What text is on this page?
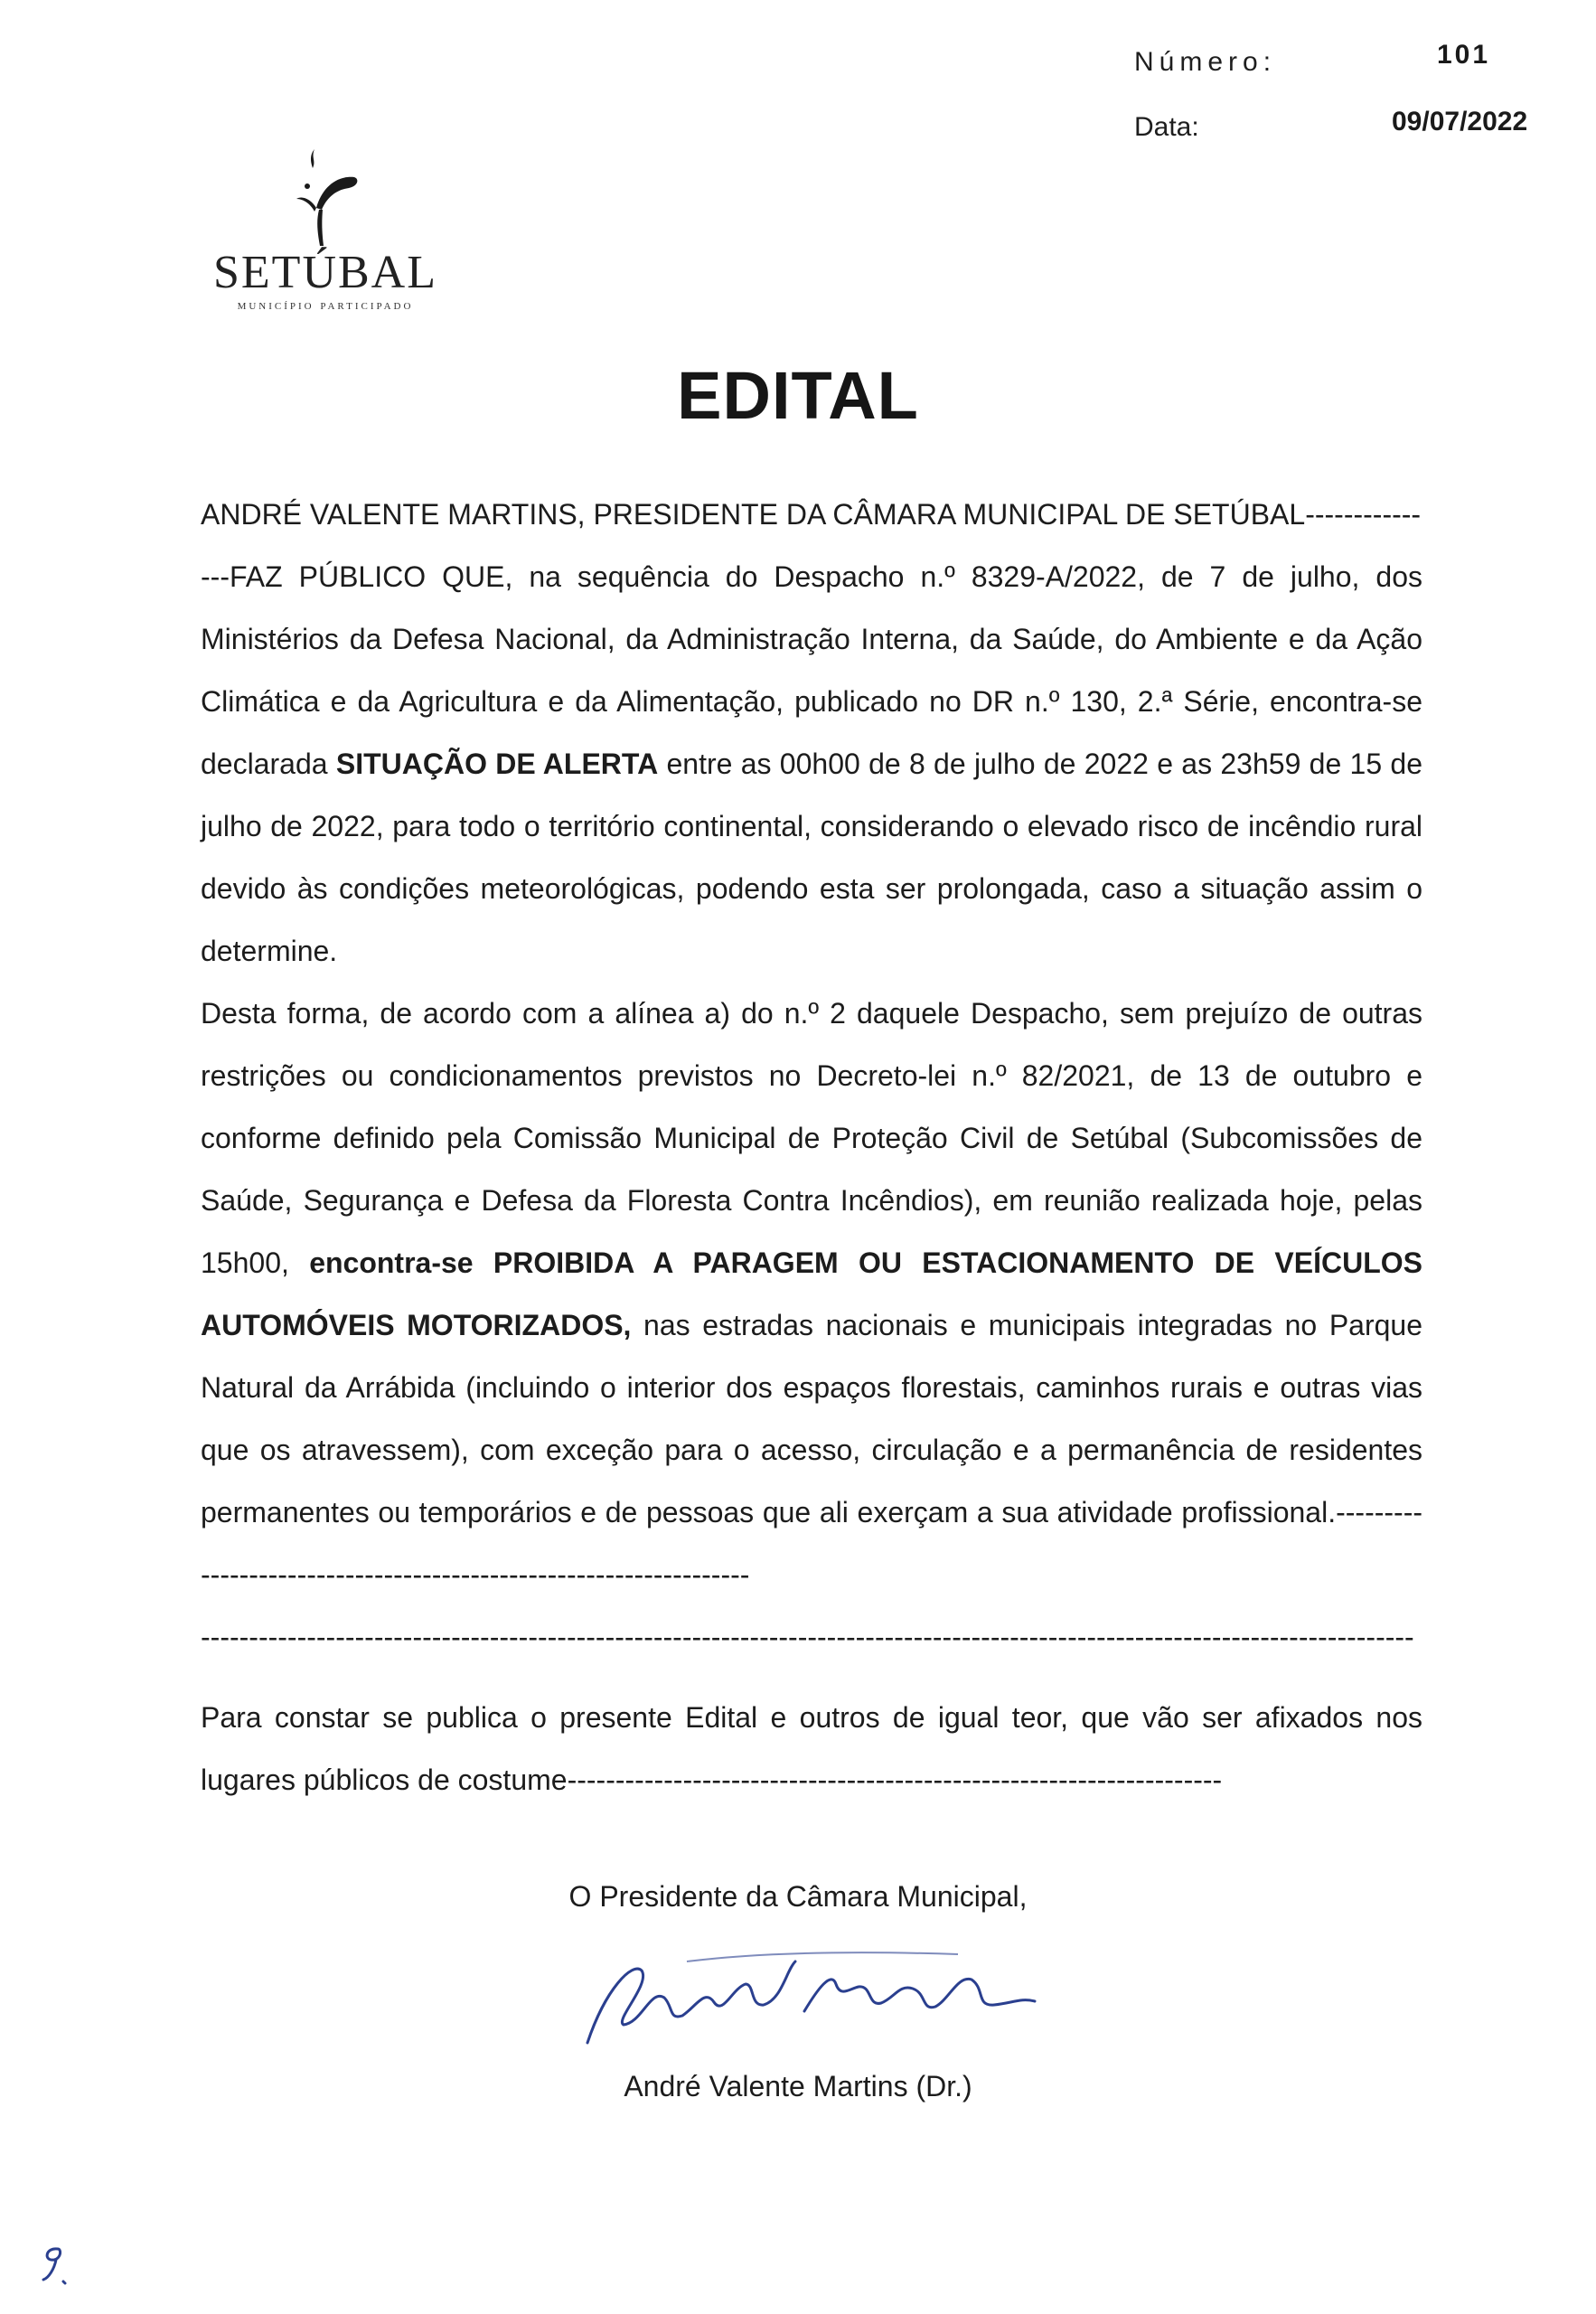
Número:	101
Data:	09/07/2022
SETÚBAL
município participado
EDITAL
ANDRÉ VALENTE MARTINS, PRESIDENTE DA CÂMARA MUNICIPAL DE SETÚBAL------------

---FAZ PÚBLICO QUE, na sequência do Despacho n.º 8329-A/2022, de 7 de julho, dos Ministérios da Defesa Nacional, da Administração Interna, da Saúde, do Ambiente e da Ação Climática e da Agricultura e da Alimentação, publicado no DR n.º 130, 2.ª Série, encontra-se declarada SITUAÇÃO DE ALERTA entre as 00h00 de 8 de julho de 2022 e as 23h59 de 15 de julho de 2022, para todo o território continental, considerando o elevado risco de incêndio rural devido às condições meteorológicas, podendo esta ser prolongada, caso a situação assim o determine.

Desta forma, de acordo com a alínea a) do n.º 2 daquele Despacho, sem prejuízo de outras restrições ou condicionamentos previstos no Decreto-lei n.º 82/2021, de 13 de outubro e conforme definido pela Comissão Municipal de Proteção Civil de Setúbal (Subcomissões de Saúde, Segurança e Defesa da Floresta Contra Incêndios), em reunião realizada hoje, pelas 15h00, encontra-se PROIBIDA A PARAGEM OU ESTACIONAMENTO DE VEÍCULOS AUTOMÓVEIS MOTORIZADOS, nas estradas nacionais e municipais integradas no Parque Natural da Arrábida (incluindo o interior dos espaços florestais, caminhos rurais e outras vias que os atravessem), com exceção para o acesso, circulação e a permanência de residentes permanentes ou temporários e de pessoas que ali exerçam a sua atividade profissional.------------------------------------------------------------------

------------------------------------------------------------------------------------------------------------------------------

Para constar se publica o presente Edital e outros de igual teor, que vão ser afixados nos lugares públicos de costume--------------------------------------------------------------------

O Presidente da Câmara Municipal,
André Valente Martins (Dr.)
